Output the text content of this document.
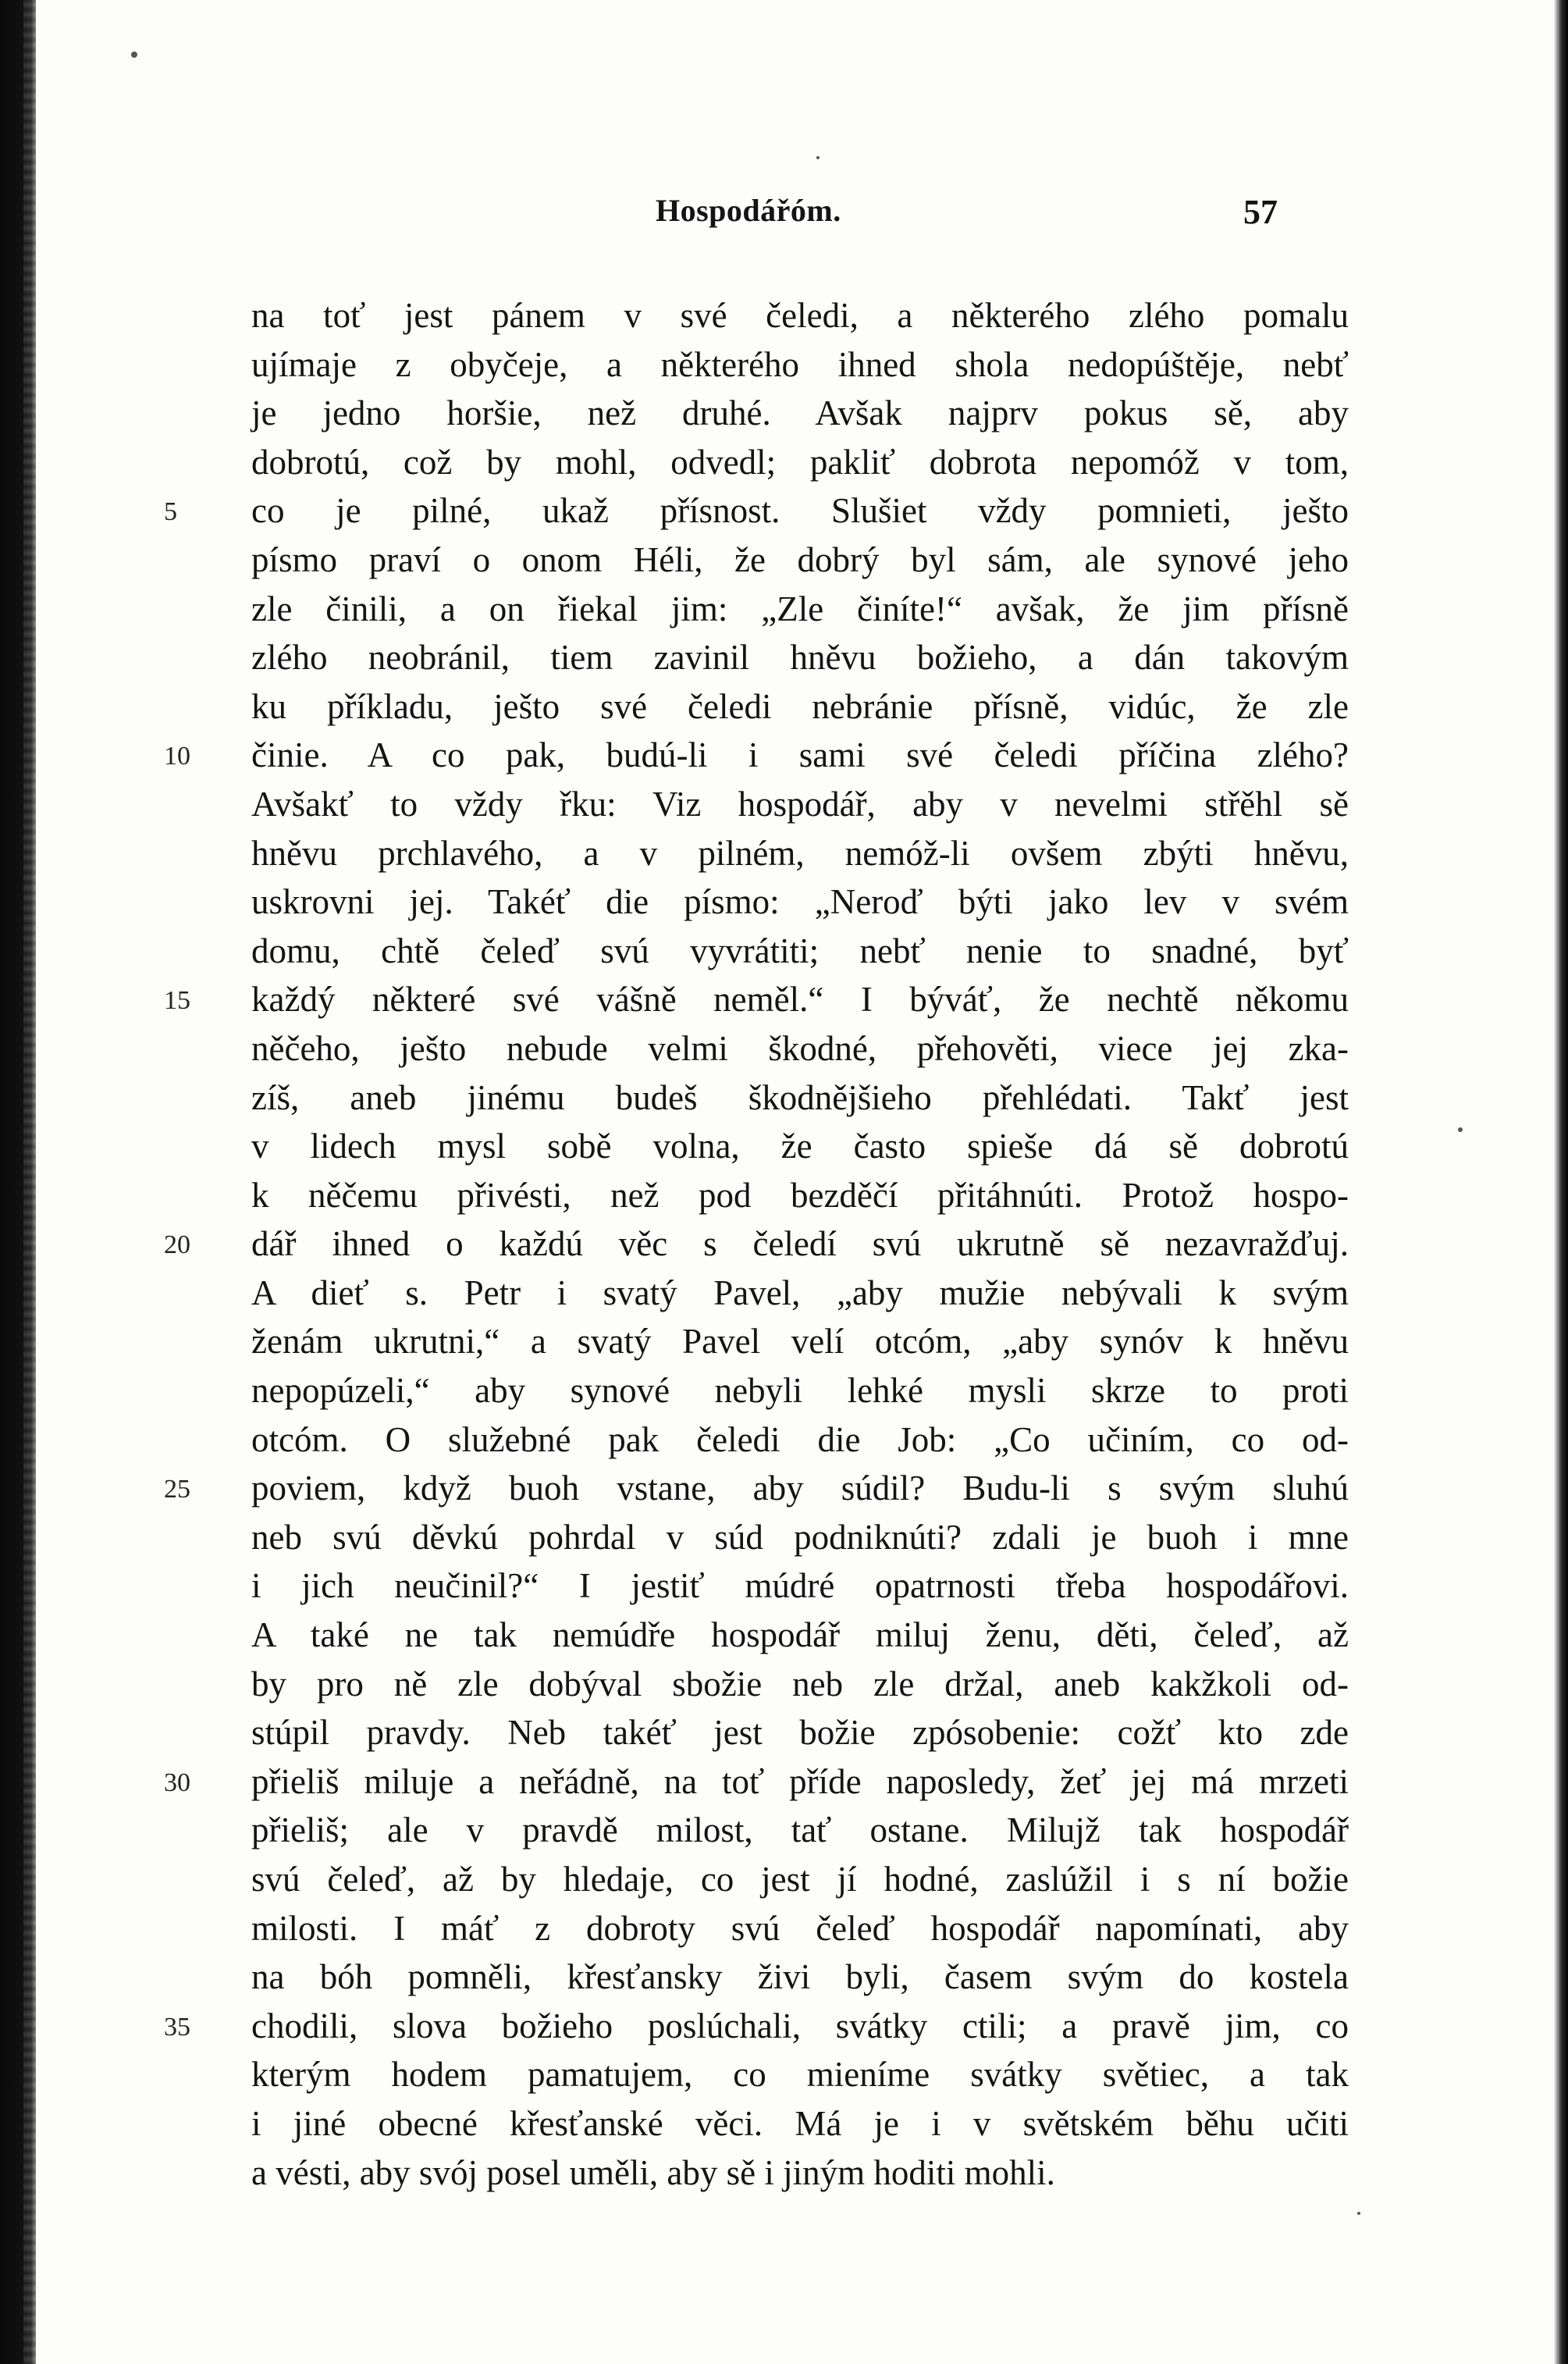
Hospodářóm.	57
na toť jest pánem v své čeledi, a některého zlého pomalu
ujímaje z obyčeje, a některého ihned shola nedopúštěje, nebť
je jedno horšie, než druhé. Avšak najprv pokus sě, aby
dobrotú, což by mohl, odvedl; pakliť dobrota nepomóž v tom,
5	co je pilné, ukaž přísnost. Slušiet vždy pomnieti, ješto
písmo praví o onom Héli, že dobrý byl sám, ale synové jeho
zle činili, a on řiekal jim: „Zle činíte!“ avšak, že jim přísně
zlého neobránil, tiem zavinil hněvu božieho, a dán takovým
ku příkladu, ješto své čeledi nebránie přísně, vidúc, že zle
10	činie. A co pak, budú-li i sami své čeledi příčina zlého?
Avšakť to vždy řku: Viz hospodář, aby v nevelmi střěhl sě
hněvu prchlavého, a v pilném, nemóž-li ovšem zbýti hněvu,
uskrovni jej. Takéť die písmo: „Neroď býti jako lev v svém
domu, chtě čeleď svú vyvrátiti; nebť nenie to snadné, byť
15	každý některé své vášně neměl.“ I býváť, že nechtě někomu
něčeho, ješto nebude velmi škodné, přehověti, viece jej zka-
zíš, aneb jinému budeš škodnějšieho přehlédati. Takť jest
v lidech mysl sobě volna, že často spieše dá sě dobrotú
k něčemu přivésti, než pod bezděčí přitáhnúti. Protož hospo-
20	dář ihned o každú věc s čeledí svú ukrutně sě nezavražďuj.
A dieť s. Petr i svatý Pavel, „aby mužie nebývali k svým
ženám ukrutni,“ a svatý Pavel velí otcóm, „aby synóv k hněvu
nepopúzeli,“ aby synové nebyli lehké mysli skrze to proti
otcóm. O služebné pak čeledi die Job: „Co učiním, co od-
25	poviem, když buoh vstane, aby súdil? Budu-li s svým sluhú
neb svú děvkú pohrdal v súd podniknúti? zdali je buoh i mne
i jich neučinil?“ I jestiť múdré opatrnosti třeba hospodářovi.
A také ne tak nemúdře hospodář miluj ženu, děti, čeleď, až
by pro ně zle dobýval sbožie neb zle držal, aneb kakžkoli od-
stúpil pravdy. Neb takéť jest božie zpósobenie: cožť kto zde
30	přieliš miluje a neřádně, na toť příde naposledy, žeť jej má mrzeti
přieliš; ale v pravdě milost, tať ostane. Milujž tak hospodář
svú čeleď, až by hledaje, co jest jí hodné, zaslúžil i s ní božie
milosti. I máť z dobroty svú čeleď hospodář napomínati, aby
na bóh pomněli, křesťansky živi byli, časem svým do kostela
35	chodili, slova božieho poslúchali, svátky ctili; a pravě jim, co
kterým hodem pamatujem, co mieníme svátky světiec, a tak
i jiné obecné křesťanské věci. Má je i v světském běhu učiti
a vésti, aby svój posel uměli, aby sě i jiným hoditi mohli.
